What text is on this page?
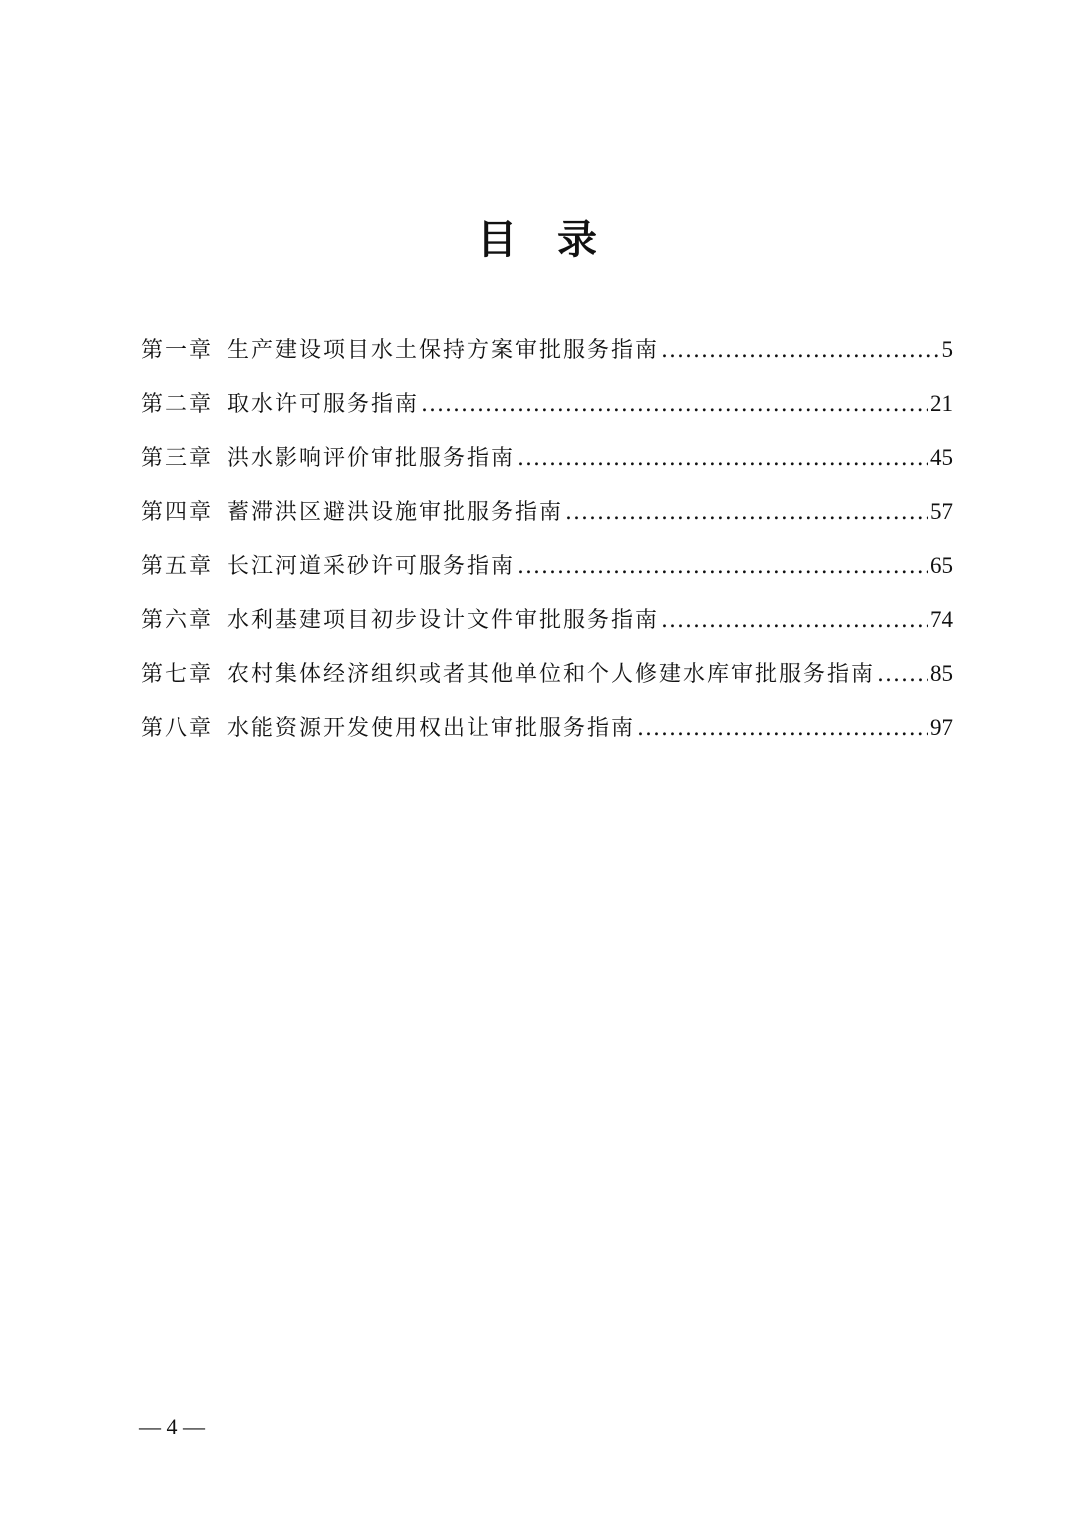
目 录
第一章 生产建设项目水土保持方案审批服务指南 .....	5
第二章 取水许可服务指南 .....	21
第三章 洪水影响评价审批服务指南 .....	45
第四章 蓄滞洪区避洪设施审批服务指南 .....	57
第五章 长江河道采砂许可服务指南 .....	65
第六章 水利基建项目初步设计文件审批服务指南 .....	74
第七章 农村集体经济组织或者其他单位和个人修建水库审批服务指南 ..... 85
第八章 水能资源开发使用权出让审批服务指南 .....	97
— 4 —
